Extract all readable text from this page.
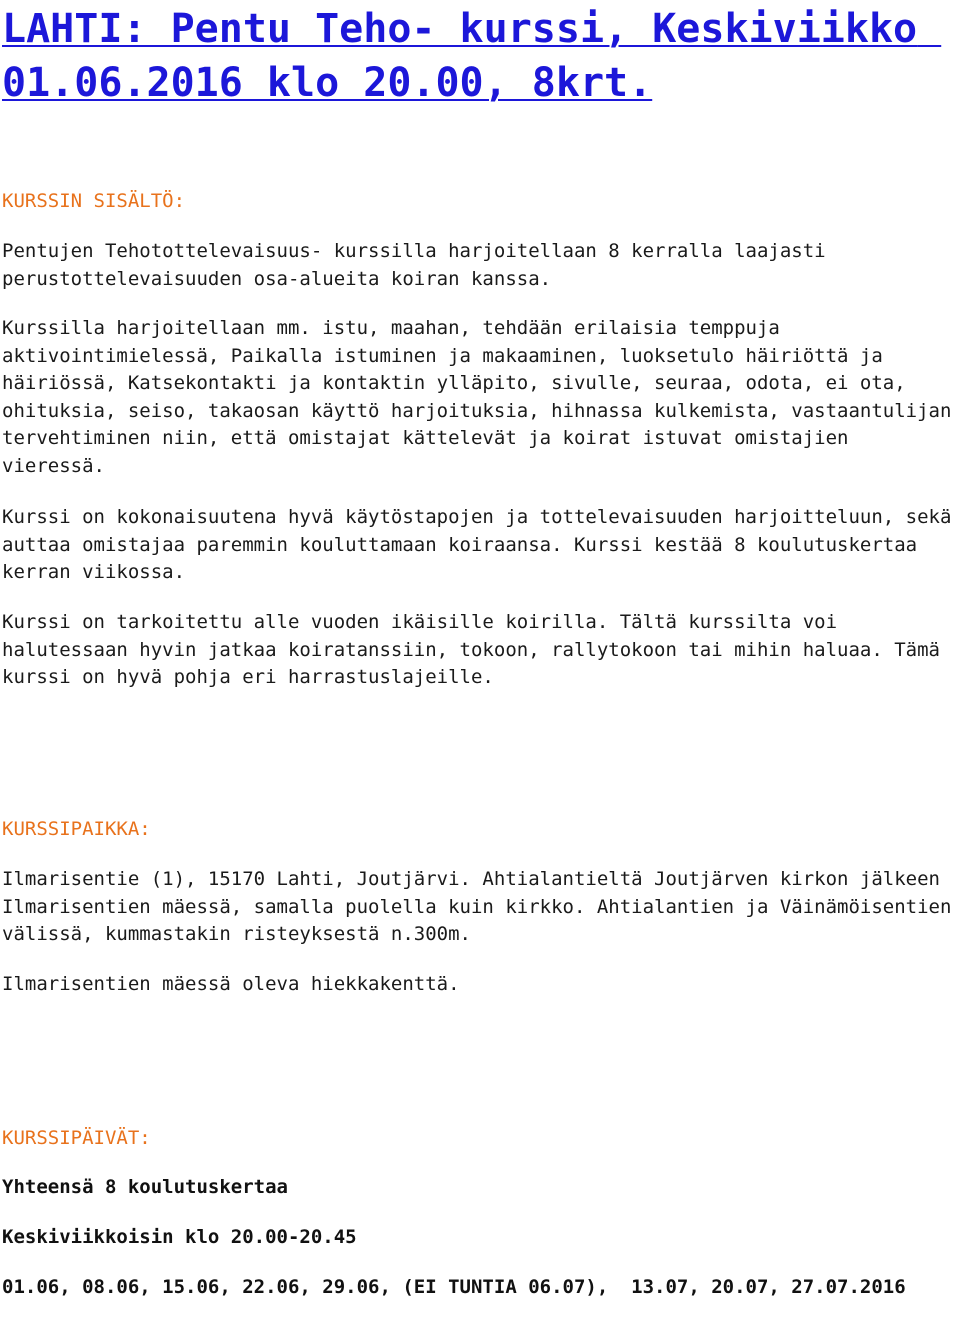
LAHTI: Pentu Teho- kurssi, Keskiviikko 01.06.2016 klo 20.00, 8krt.
KURSSIN SISÄLTÖ:

Pentujen Tehotottelevaisuus- kurssilla harjoitellaan 8 kerralla laajasti perustottelevaisuuden osa-alueita koiran kanssa.

Kurssilla harjoitellaan mm. istu, maahan, tehdään erilaisia temppuja aktivointimielessä, Paikalla istuminen ja makaaminen, luoksetulo häiriöttä ja häiriössä, Katsekontakti ja kontaktin ylläpito, sivulle, seuraa, odota, ei ota, ohituksia, seiso, takaosan käyttö harjoituksia, hihnassa kulkemista, vastaantulijan tervehtiminen niin, että omistajat kättelevät ja koirat istuvat omistajien vieressä.

Kurssi on kokonaisuutena hyvä käytöstapojen ja tottelevaisuuden harjoitteluun, sekä auttaa omistajaa paremmin kouluttamaan koiraansa. Kurssi kestää 8 koulutuskertaa kerran viikossa.

Kurssi on tarkoitettu alle vuoden ikäisille koirilla. Tältä kurssilta voi halutessaan hyvin jatkaa koiratanssiin, tokoon, rallytokoon tai mihin haluaa. Tämä kurssi on hyvä pohja eri harrastuslajeille.

KURSSIPAIKKA:

Ilmarisentie (1), 15170 Lahti, Joutjärvi. Ahtialantieltä Joutjärven kirkon jälkeen Ilmarisentien mäessä, samalla puolella kuin kirkko. Ahtialantien ja Väinämöisentien välissä, kummastakin risteyksestä n.300m.

Ilmarisentien mäessä oleva hiekkakenttä.

KURSSIPÄIVÄT:

Yhteensä 8 koulutuskertaa

Keskiviikkoisin klo 20.00-20.45

01.06, 08.06, 15.06, 22.06, 29.06, (EI TUNTIA 06.07),  13.07, 20.07, 27.07.2016
